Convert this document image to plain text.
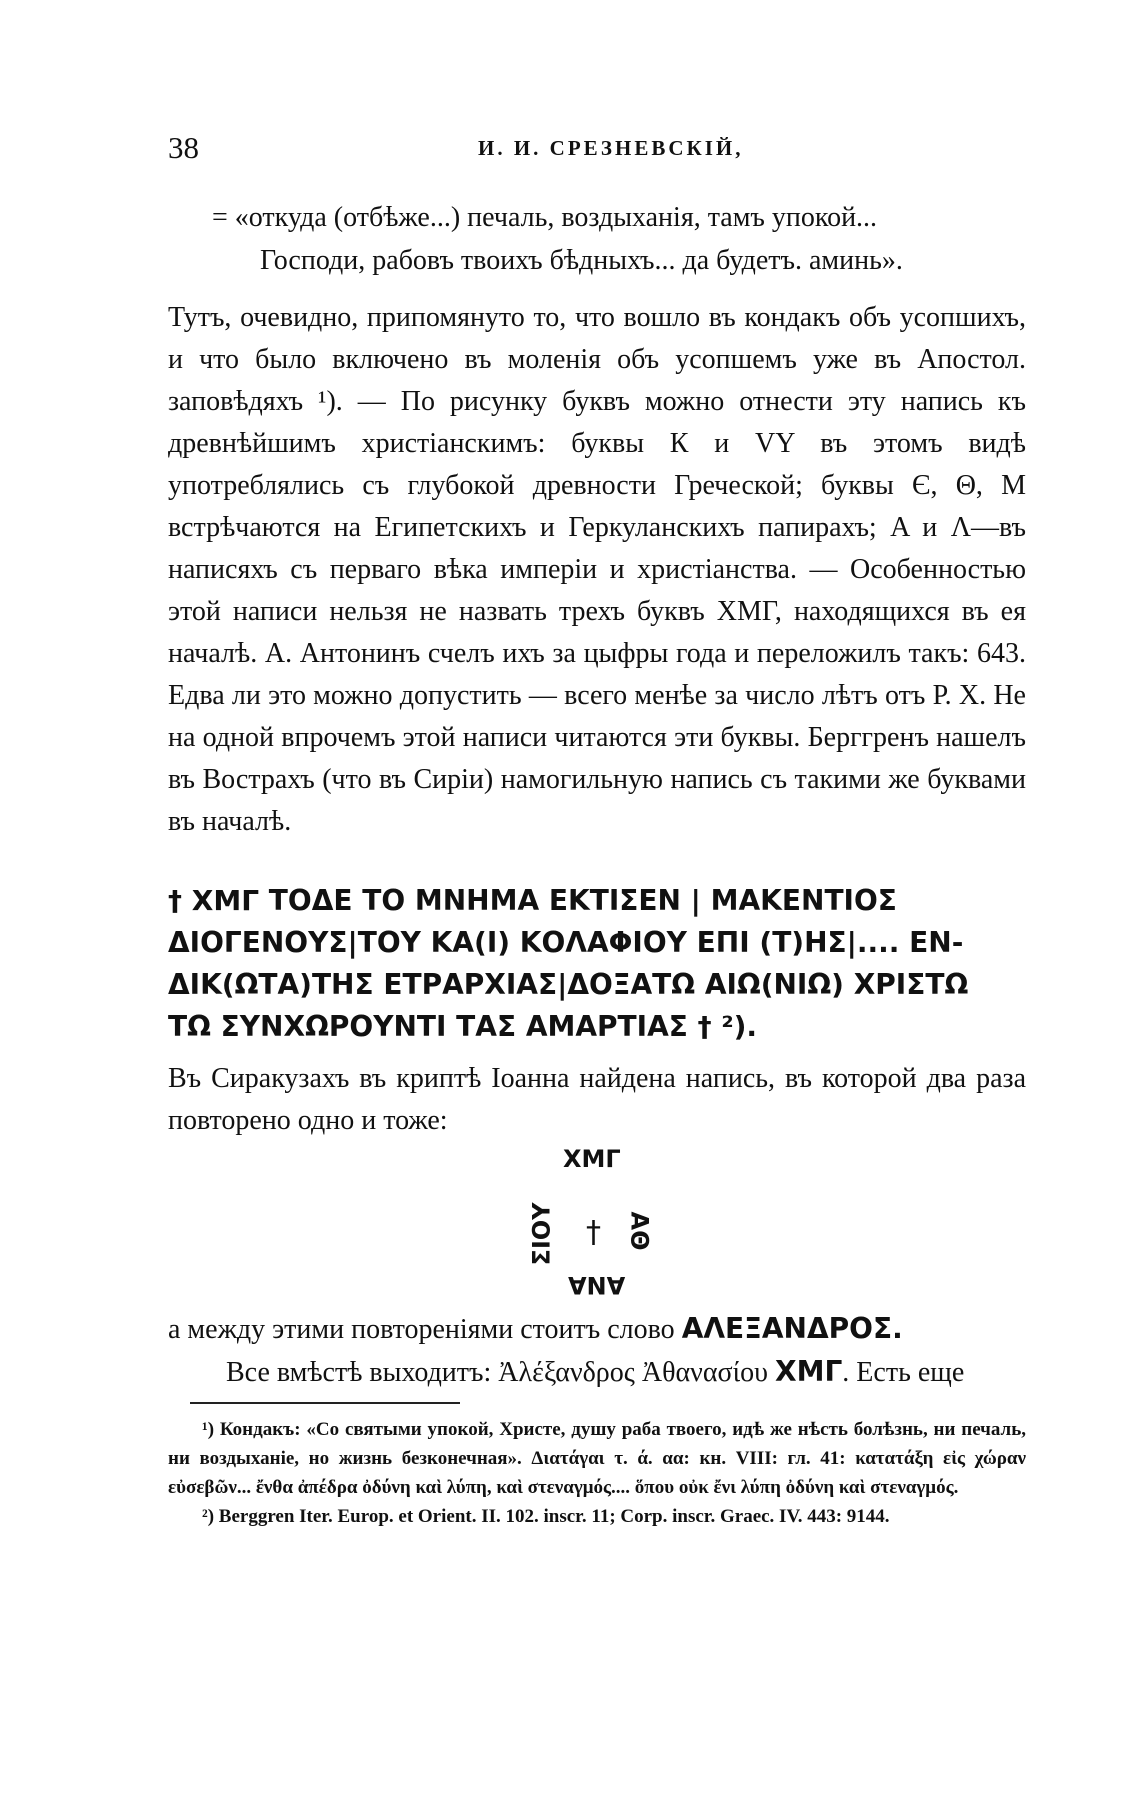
38	И. И. СРЕЗНЕВСКІЙ,
= «откуда (отбѣже...) печаль, воздыханія, тамъ упокой...
Господи, рабовъ твоихъ бѣдныхъ... да будетъ. аминь».
Тутъ, очевидно, припомянуто то, что вошло въ кондакъ объ усопшихъ, и что было включено въ моленія объ усопшемъ уже въ Апостол. заповѣдяхъ ¹). — По рисунку буквъ можно отнести эту напись къ древнѣйшимъ христіанскимъ: буквы К и VY въ этомъ видѣ употреблялись съ глубокой древности Греческой; буквы Є, Θ, M встрѣчаются на Египетскихъ и Геркуланскихъ папирахъ; A и Λ—въ написяхъ съ перваго вѣка имперіи и христіанства. — Особенностью этой написи нельзя не назвать трехъ буквъ ХМГ, находящихся въ ея началѣ. А. Антонинъ счелъ ихъ за цыфры года и переложилъ такъ: 643. Едва ли это можно допустить — всего менѣе за число лѣтъ отъ Р. Х. Не на одной впрочемъ этой написи читаются эти буквы. Берггренъ нашелъ въ Вострахъ (что въ Сиріи) намогильную напись съ такими же буквами въ началѣ.
† ХМГ ΤΟΔΕ ΤΟ ΜΝΗΜΑ ΕΚΤΙΣΕΝ | ΜΑΚΕΝΤΙΟΣ
ΔΙΟΓΕΝΟΥΣ|ΤΟΥ ΚΑ(Ι) ΚΟΛΑΦΙΟΥ ΕΠΙ (Τ)ΗΣ|.... ΕΝ-
ΔΙΚ(ΩΤΑ)ΤΗΣ ΕΤΡΑΡΧΙΑΣ|ΔΟΞΑΤΩ ΑΙΩ(ΝΙΩ) ΧΡΙΣΤΩ
ΤΩ ΣΥΝΧΩΡΟΥΝΤΙ ΤΑΣ ΑΜΑΡΤΙΑΣ † ²).
Въ Сиракузахъ въ криптѣ Іоанна найдена напись, въ которой два раза повторено одно и тоже:
ΧΜΓ
ΣΙΟΥ † ΑΘ
ΑΝΑ
а между этими повтореніями стоитъ слово ΑΛΕΞΑΝΔΡΟΣ.
Все вмѣстѣ выходитъ: Ἀλέξανδρος Ἀθανασίου ΧΜΓ. Есть еще

¹) Кондакъ: «Со святыми упокой, Христе, душу раба твоего, идѣ же нѣсть болѣзнь, ни печаль, ни воздыханіе, но жизнь безконечная». Διατάγαι τ. ά. αα: кн. VIII: гл. 41: κατατάξη εἰς χώραν εὐσεβῶν... ἔνθα ἀπέδρα ὀδύνη καὶ λύπη, καὶ στεναγμός.... ὅπου οὐκ ἔνι λύπη ὀδύνη καὶ στεναγμός.

²) Berggren Iter. Europ. et Orient. II. 102. inscr. 11; Corp. inscr. Graec. IV. 443: 9144.
